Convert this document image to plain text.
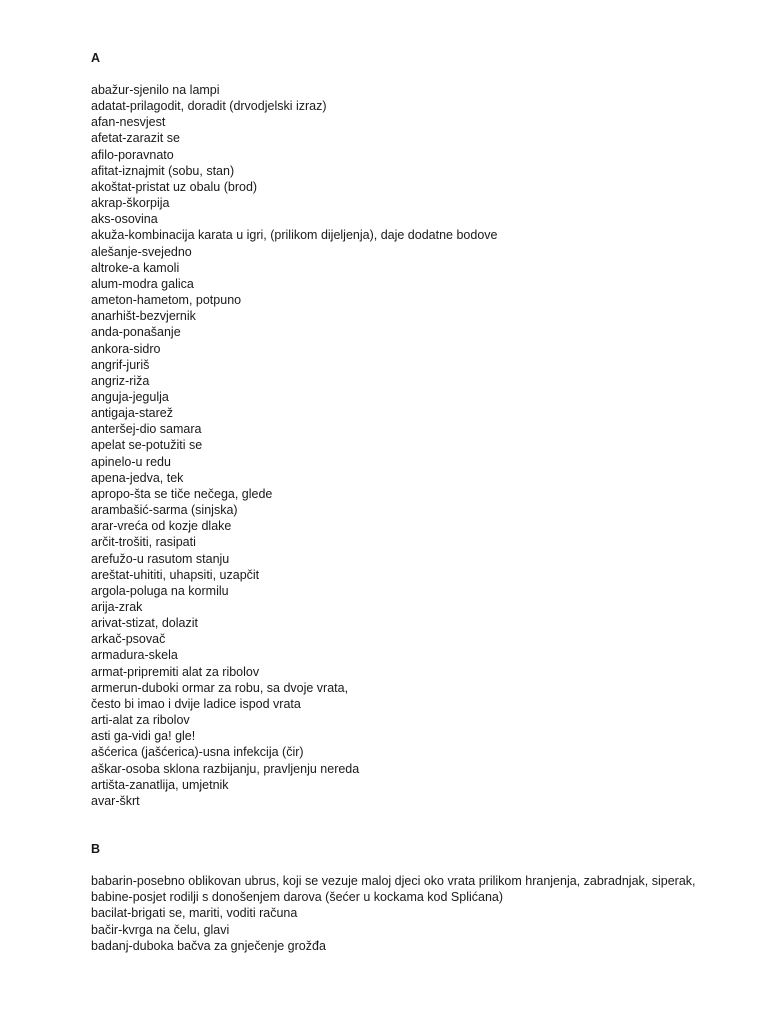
A
abažur-sjenilo na lampi
adatat-prilagodit, doradit (drvodjelski izraz)
afan-nesvjest
afetat-zarazit se
afilo-poravnato
afitat-iznajmit (sobu, stan)
akoštat-pristat uz obalu (brod)
akrap-škorpija
aks-osovina
akuža-kombinacija karata u igri, (prilikom dijeljenja), daje dodatne bodove
alešanje-svejedno
altroke-a kamoli
alum-modra galica
ameton-hametom, potpuno
anarhišt-bezvjernik
anda-ponašanje
ankora-sidro
angrif-juriš
angriz-riža
anguja-jegulja
antigaja-starež
anteršej-dio samara
apelat se-potužiti se
apinelo-u redu
apena-jedva, tek
apropo-šta se tiče nečega, glede
arambašić-sarma (sinjska)
arar-vreća od kozje dlake
arčit-trošiti, rasipati
arefužo-u rasutom stanju
areštat-uhititi, uhapsiti, uzapčit
argola-poluga na kormilu
arija-zrak
arivat-stizat, dolazit
arkač-psovač
armadura-skela
armat-pripremiti alat za ribolov
armerun-duboki ormar za robu, sa dvoje vrata,
često bi imao i dvije ladice ispod vrata
arti-alat za ribolov
asti ga-vidi ga! gle!
ašćerica (jašćerica)-usna infekcija (čir)
aškar-osoba sklona razbijanju, pravljenju nereda
artišta-zanatlija, umjetnik
avar-škrt
B
babarin-posebno oblikovan ubrus, koji se vezuje maloj djeci oko vrata prilikom hranjenja, zabradnjak, siperak,
babine-posjet rodilji s donošenjem darova (šećer u kockama kod Splićana)
bacilat-brigati se, mariti, voditi računa
bačir-kvrga na čelu, glavi
badanj-duboka bačva za gnječenje grožđa
